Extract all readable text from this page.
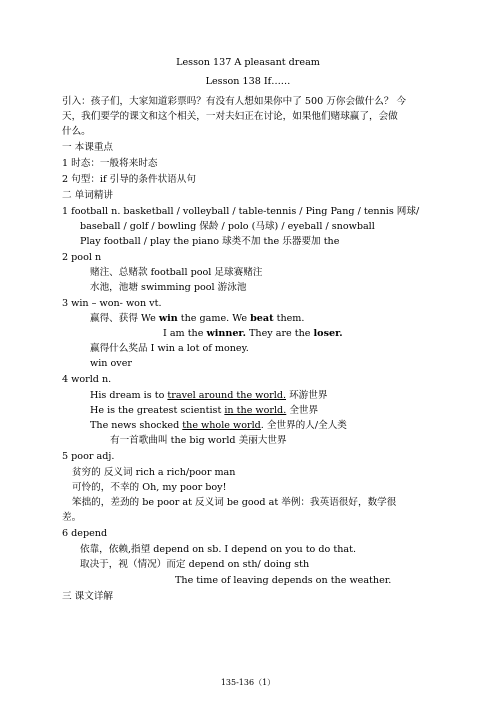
Lesson 137 A pleasant dream
Lesson 138 If……
引入：孩子们，大家知道彩票吗？有没有人想如果你中了 500 万你会做什么？ 今
天，我们要学的课文和这个相关，一对夫妇正在讨论，如果他们赌球赢了，会做
什么。
一 本课重点
1 时态：一般将来时态
2 句型：if 引导的条件状语从句
二 单词精讲
1 football n. basketball / volleyball / table-tennis / Ping Pang / tennis 网球/
baseball / golf / bowling 保龄 / polo (马球) / eyeball / snowball
Play football / play the piano 球类不加 the 乐器要加 the
2 pool n
赌注、总赌款 football pool 足球赛赌注
水池，池塘 swimming pool 游泳池
3 win – won- won vt.
赢得、获得 We win the game. We beat them.
I am the winner. They are the loser.
赢得什么奖品 I win a lot of money.
win over
4 world n.
His dream is to travel around the world. 环游世界
He is the greatest scientist in the world. 全世界
The news shocked the whole world. 全世界的人/全人类
有一首歌曲叫 the big world 美丽大世界
5 poor adj.
贫穷的 反义词 rich a rich/poor man
可怜的，不幸的 Oh, my poor boy!
笨拙的，差劲的 be poor at 反义词 be good at 举例：我英语很好，数学很
差。
6 depend
依靠，依赖,指望 depend on sb. I depend on you to do that.
取决于，视（情况）而定 depend on sth/ doing sth
The time of leaving depends on the weather.
三 课文详解
135-136（1）
